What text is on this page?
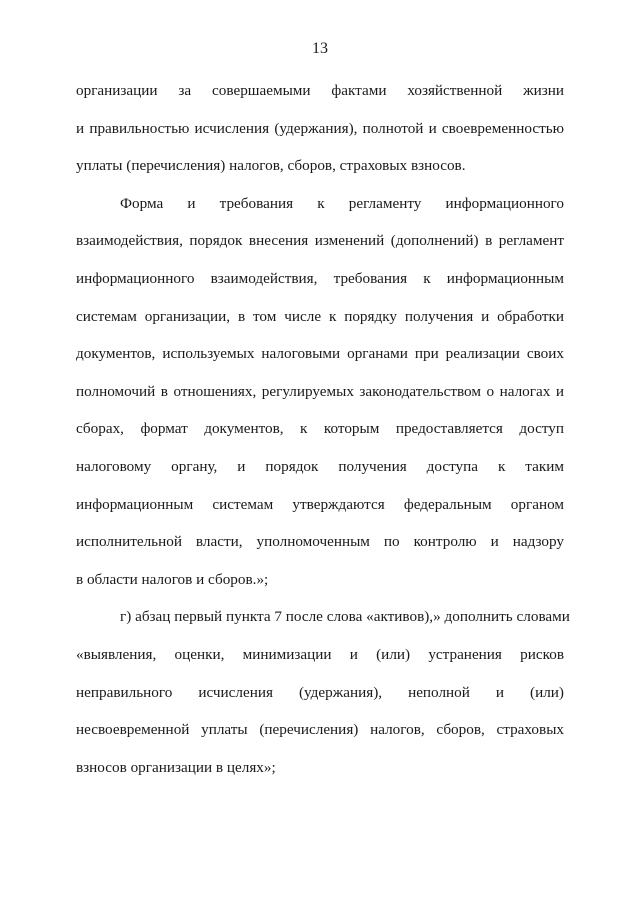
13
организации за совершаемыми фактами хозяйственной жизни
и правильностью исчисления (удержания), полнотой и своевременностью
уплаты (перечисления) налогов, сборов, страховых взносов.
Форма и требования к регламенту информационного
взаимодействия, порядок внесения изменений (дополнений) в регламент
информационного взаимодействия, требования к информационным
системам организации, в том числе к порядку получения и обработки
документов, используемых налоговыми органами при реализации своих
полномочий в отношениях, регулируемых законодательством о налогах и
сборах, формат документов, к которым предоставляется доступ
налоговому органу, и порядок получения доступа к таким
информационным системам утверждаются федеральным органом
исполнительной власти, уполномоченным по контролю и надзору
в области налогов и сборов.»;
г) абзац первый пункта 7 после слова «активов),» дополнить словами
«выявления, оценки, минимизации и (или) устранения рисков
неправильного исчисления (удержания), неполной и (или)
несвоевременной уплаты (перечисления) налогов, сборов, страховых
взносов организации в целях»;
